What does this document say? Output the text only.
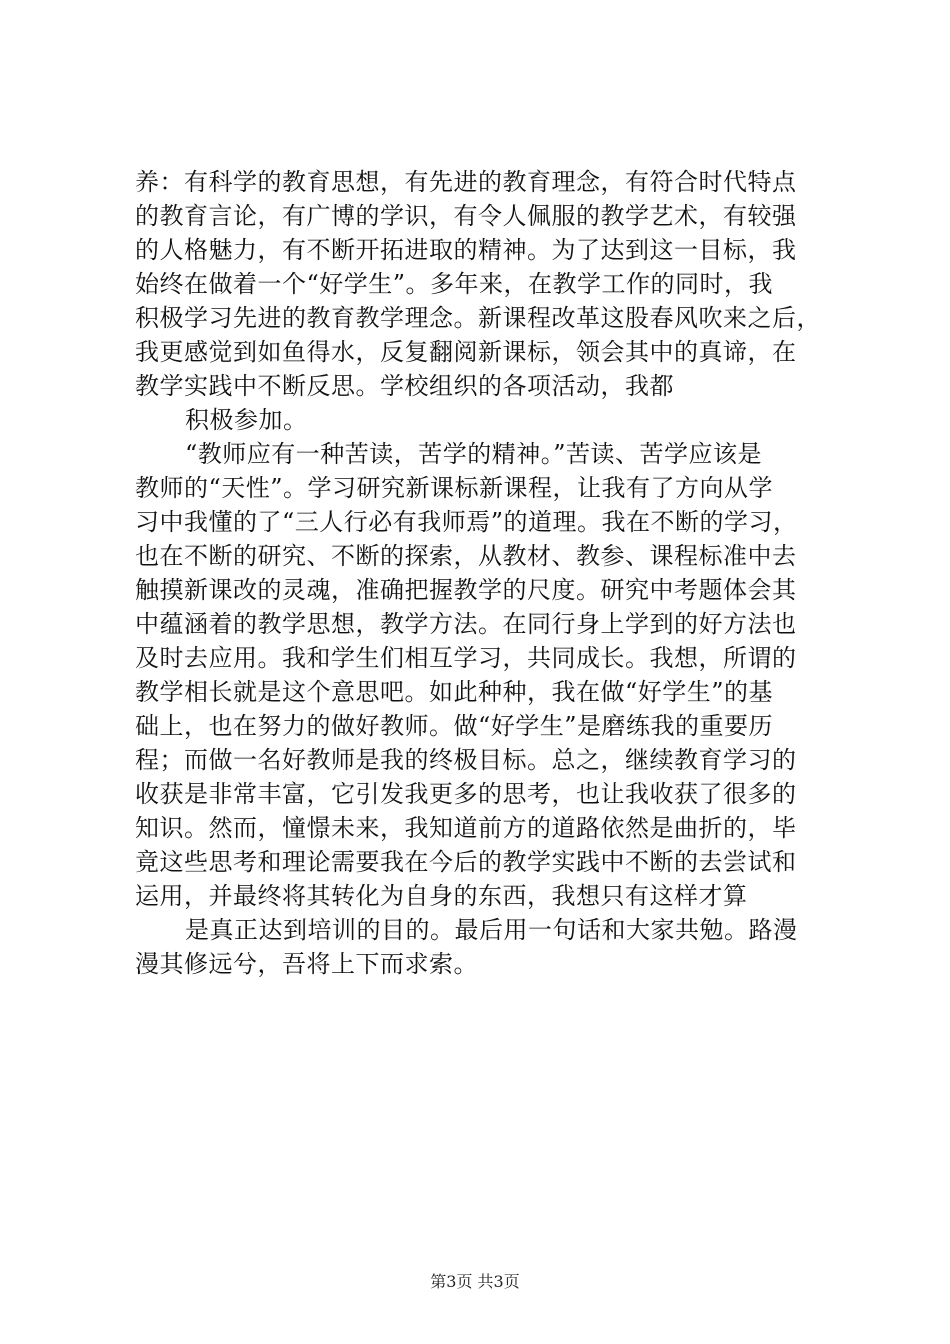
养：有科学的教育思想，有先进的教育理念，有符合时代特点
的教育言论，有广博的学识，有令人佩服的教学艺术，有较强
的人格魅力，有不断开拓进取的精神。为了达到这一目标，我
始终在做着一个“好学生”。多年来，在教学工作的同时，我
积极学习先进的教育教学理念。新课程改革这股春风吹来之后，
我更感觉到如鱼得水，反复翻阅新课标，领会其中的真谛，在
教学实践中不断反思。学校组织的各项活动，我都
积极参加。
“教师应有一种苦读，苦学的精神。”苦读、苦学应该是
教师的“天性”。学习研究新课标新课程，让我有了方向从学
习中我懂的了“三人行必有我师焉”的道理。我在不断的学习，
也在不断的研究、不断的探索，从教材、教参、课程标准中去
触摸新课改的灵魂，准确把握教学的尺度。研究中考题体会其
中蕴涵着的教学思想，教学方法。在同行身上学到的好方法也
及时去应用。我和学生们相互学习，共同成长。我想，所谓的
教学相长就是这个意思吧。如此种种，我在做“好学生”的基
础上，也在努力的做好教师。做“好学生”是磨练我的重要历
程；而做一名好教师是我的终极目标。总之，继续教育学习的
收获是非常丰富，它引发我更多的思考，也让我收获了很多的
知识。然而，憧憬未来，我知道前方的道路依然是曲折的，毕
竟这些思考和理论需要我在今后的教学实践中不断的去尝试和
运用，并最终将其转化为自身的东西，我想只有这样才算
是真正达到培训的目的。最后用一句话和大家共勉。路漫
漫其修远兮，吾将上下而求索。
第3页 共3页
